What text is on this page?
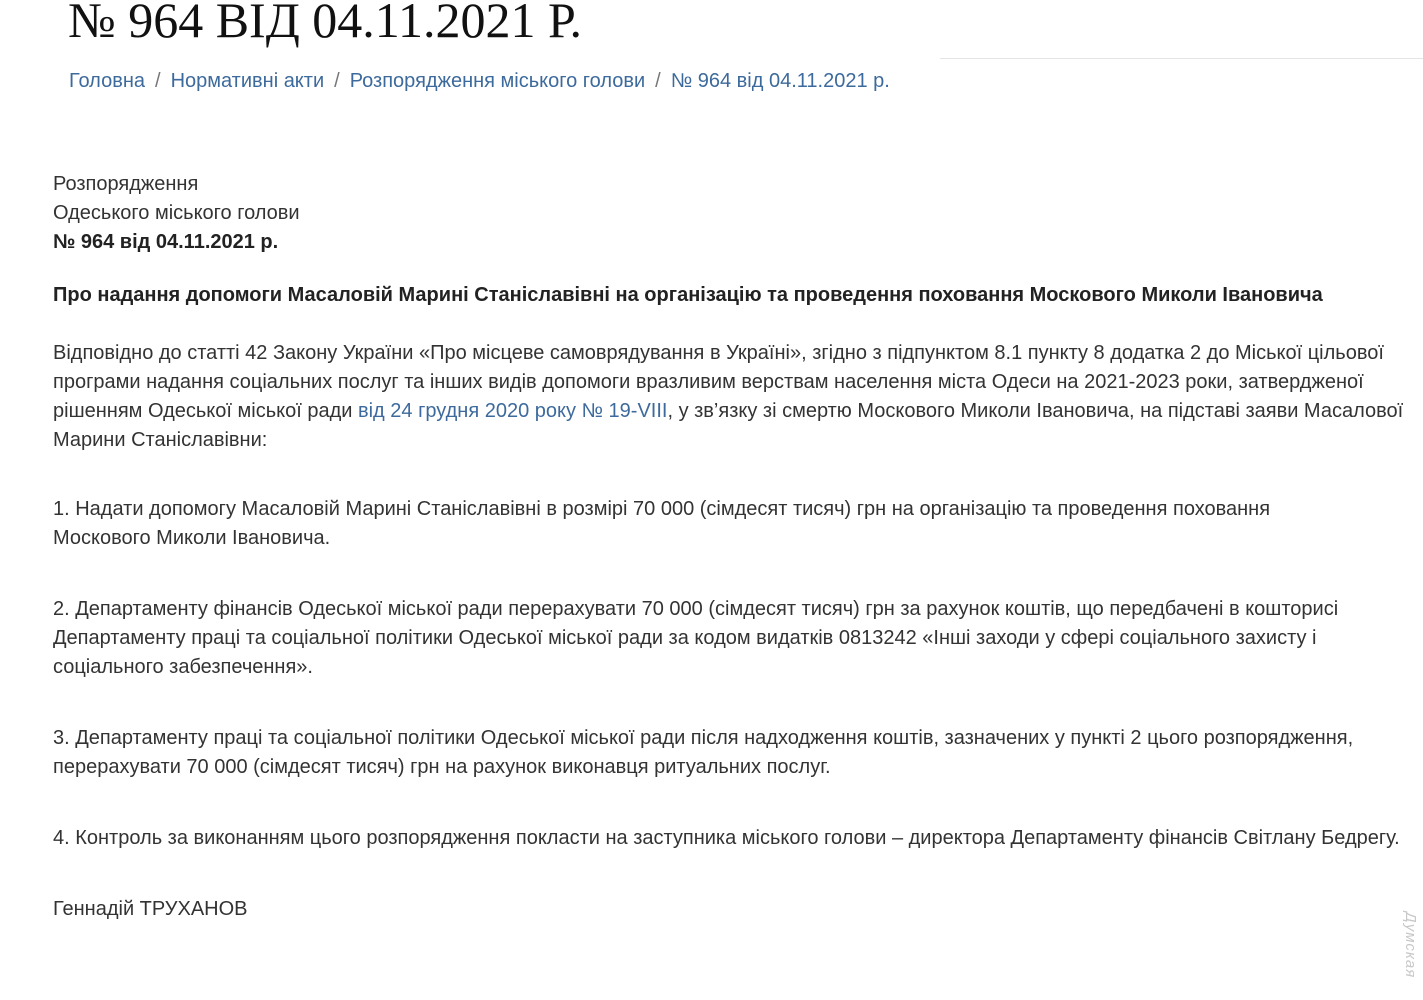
№ 964 ВІД 04.11.2021 Р.
Головна / Нормативні акти / Розпорядження міського голови / № 964 від 04.11.2021 р.

Розпорядження
Одеського міського голови
№ 964 від 04.11.2021 р.

Про надання допомоги Масаловій Марині Станіславівні на організацію та проведення поховання Москового Миколи Івановича

Відповідно до статті 42 Закону України «Про місцеве самоврядування в Україні», згідно з підпунктом 8.1 пункту 8 додатка 2 до Міської цільової програми надання соціальних послуг та інших видів допомоги вразливим верствам населення міста Одеси на 2021-2023 роки, затвердженої рішенням Одеської міської ради від 24 грудня 2020 року № 19-VIII, у зв’язку зі смертю Москового Миколи Івановича, на підставі заяви Масалової Марини Станіславівни:

1. Надати допомогу Масаловій Марині Станіславівні в розмірі 70 000 (сімдесят тисяч) грн на організацію та проведення поховання
Москового Миколи Івановича.

2. Департаменту фінансів Одеської міської ради перерахувати 70 000 (сімдесят тисяч) грн за рахунок коштів, що передбачені в кошторисі Департаменту праці та соціальної політики Одеської міської ради за кодом видатків 0813242 «Інші заходи у сфері соціального захисту і соціального забезпечення».

3. Департаменту праці та соціальної політики Одеської міської ради після надходження коштів, зазначених у пункті 2 цього розпорядження, перерахувати 70 000 (сімдесят тисяч) грн на рахунок виконавця ритуальних послуг.

4. Контроль за виконанням цього розпорядження покласти на заступника міського голови – директора Департаменту фінансів Світлану Бедрегу.

Геннадій ТРУХАНОВ

Думская
